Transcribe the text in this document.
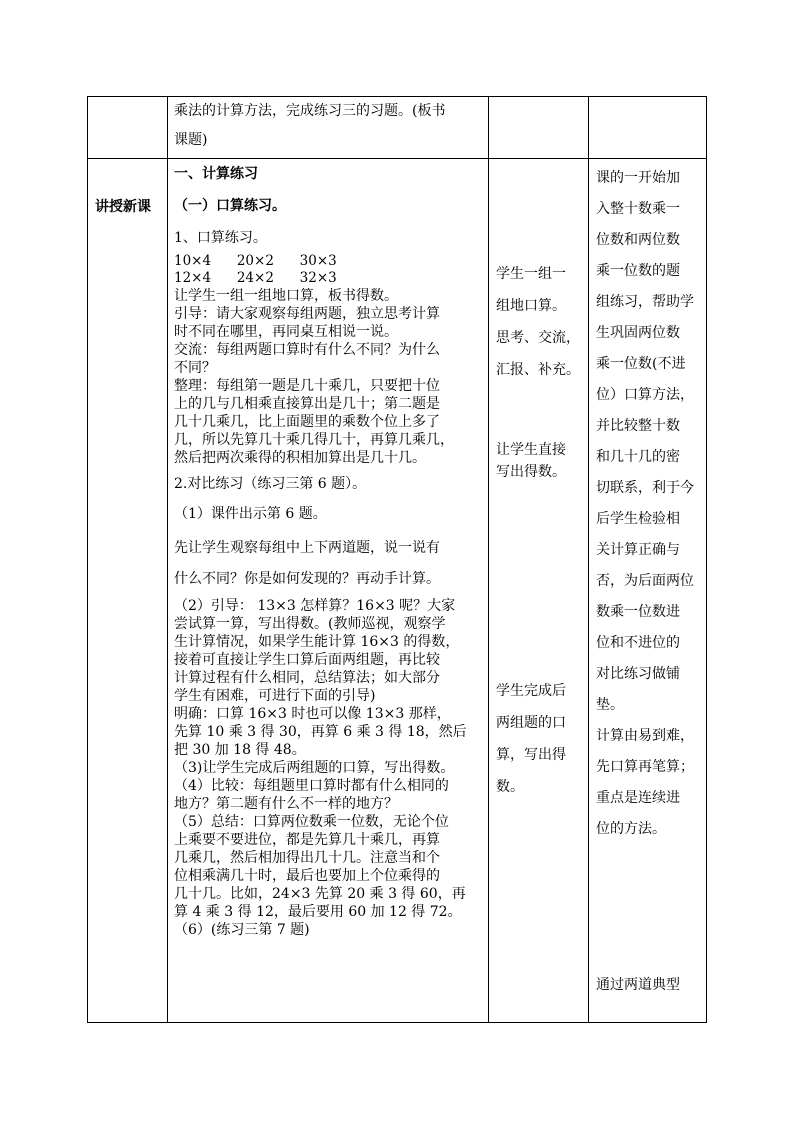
乘法的计算方法，完成练习三的习题。(板书
课题)
讲授新课
一、计算练习
（一）口算练习。
1、口算练习。
10×4      20×2      30×3
12×4      24×2      32×3
让学生一组一组地口算，板书得数。
引导：请大家观察每组两题，独立思考计算
时不同在哪里，再同桌互相说一说。
交流：每组两题口算时有什么不同？为什么
不同？
整理：每组第一题是几十乘几，只要把十位
上的几与几相乘直接算出是几十；第二题是
几十几乘几，比上面题里的乘数个位上多了
几，所以先算几十乘几得几十，再算几乘几，
然后把两次乘得的积相加算出是几十几。
2.对比练习（练习三第 6 题）。
（1）课件出示第 6 题。
先让学生观察每组中上下两道题，说一说有
什么不同？你是如何发现的？再动手计算。
（2）引导： 13×3 怎样算？16×3 呢？大家
尝试算一算，写出得数。(教师巡视，观察学
生计算情况，如果学生能计算 16×3 的得数，
接着可直接让学生口算后面两组题，再比较
计算过程有什么相同，总结算法；如大部分
学生有困难，可进行下面的引导)
明确：口算 16×3 时也可以像 13×3 那样，
先算 10 乘 3 得 30，再算 6 乘 3 得 18，然后
把 30 加 18 得 48。
（3)让学生完成后两组题的口算，写出得数。
（4）比较：每组题里口算时都有什么相同的
地方？第二题有什么不一样的地方？
（5）总结：口算两位数乘一位数，无论个位
上乘要不要进位，都是先算几十乘几，再算
几乘几，然后相加得出几十几。注意当和个
位相乘满几十时，最后也要加上个位乘得的
几十几。比如，24×3 先算 20 乘 3 得 60，再
算 4 乘 3 得 12，最后要用 60 加 12 得 72。
（6）(练习三第 7 题)
学生一组一
组地口算。
思考、交流，
汇报、补充。
让学生直接
写出得数。
学生完成后
两组题的口
算，写出得
数。
课的一开始加
入整十数乘一
位数和两位数
乘一位数的题
组练习，帮助学
生巩固两位数
乘一位数(不进
位）口算方法，
并比较整十数
和几十几的密
切联系，利于今
后学生检验相
关计算正确与
否，为后面两位
数乘一位数进
位和不进位的
对比练习做铺
垫。
计算由易到难，
先口算再笔算；
重点是连续进
位的方法。
通过两道典型
